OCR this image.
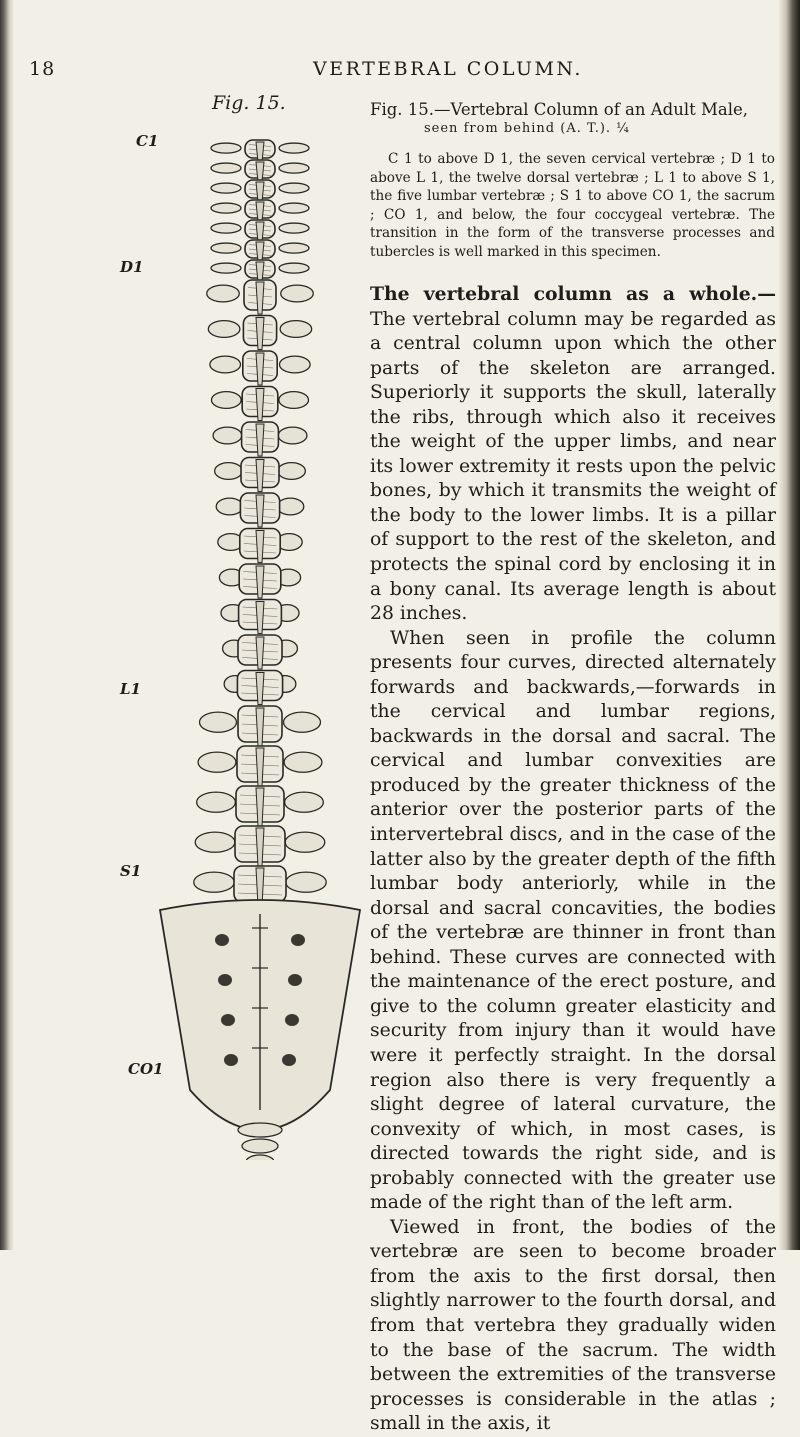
18	VERTEBRAL COLUMN.
Fig. 15.
C1
D1
L1
S1
CO1
Fig. 15.—Vertebral Column of an Adult Male,
seen from behind (A. T.). ¼
C 1 to above D 1, the seven cervical vertebræ ; D 1 to above L 1, the twelve dorsal vertebræ ; L 1 to above S 1, the five lumbar vertebræ ; S 1 to above CO 1, the sacrum ; CO 1, and below, the four coccygeal vertebræ. The transition in the form of the transverse processes and tubercles is well marked in this specimen.

The vertebral column as a whole.— The vertebral column may be regarded as a central column upon which the other parts of the skeleton are arranged. Superiorly it supports the skull, laterally the ribs, through which also it receives the weight of the upper limbs, and near its lower extremity it rests upon the pelvic bones, by which it transmits the weight of the body to the lower limbs. It is a pillar of support to the rest of the skeleton, and protects the spinal cord by enclosing it in a bony canal. Its average length is about 28 inches.

When seen in profile the column presents four curves, directed alternately forwards and backwards,—forwards in the cervical and lumbar regions, backwards in the dorsal and sacral. The cervical and lumbar convexities are produced by the greater thickness of the anterior over the posterior parts of the intervertebral discs, and in the case of the latter also by the greater depth of the fifth lumbar body anteriorly, while in the dorsal and sacral concavities, the bodies of the vertebræ are thinner in front than behind. These curves are connected with the maintenance of the erect posture, and give to the column greater elasticity and security from injury than it would have were it perfectly straight. In the dorsal region also there is very frequently a slight degree of lateral curvature, the convexity of which, in most cases, is directed towards the right side, and is probably connected with the greater use made of the right than of the left arm.

Viewed in front, the bodies of the vertebræ are seen to become broader from the axis to the first dorsal, then slightly narrower to the fourth dorsal, and from that vertebra they gradually widen to the base of the sacrum. The width between the extremities of the transverse processes is considerable in the atlas ; small in the axis, it
